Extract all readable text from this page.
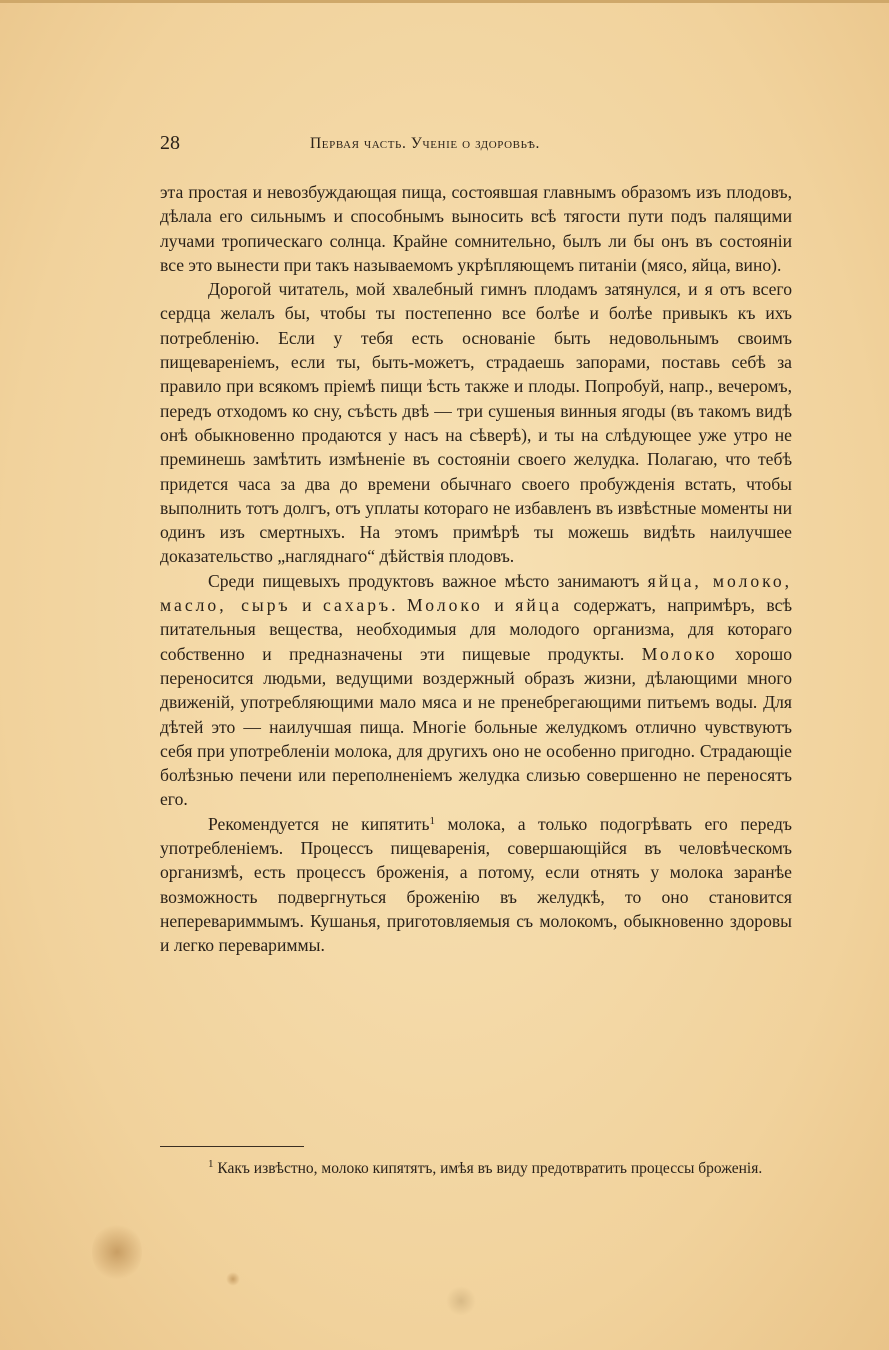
28	Первая часть. Ученіе о здоровьѣ.

эта простая и невозбуждающая пища, состоявшая главнымъ образомъ изъ плодовъ, дѣлала его сильнымъ и способнымъ выносить всѣ тягости пути подъ палящими лучами тропическаго солнца. Крайне сомнительно, былъ ли бы онъ въ состояніи все это вынести при такъ называемомъ укрѣпляющемъ питаніи (мясо, яйца, вино).

Дорогой читатель, мой хвалебный гимнъ плодамъ затянулся, и я отъ всего сердца желалъ бы, чтобы ты постепенно все болѣе и болѣе привыкъ къ ихъ потребленію. Если у тебя есть основаніе быть недовольнымъ своимъ пищевареніемъ, если ты, быть-можетъ, страдаешь запорами, поставь себѣ за правило при всякомъ пріемѣ пищи ѣсть также и плоды. Попробуй, напр., вечеромъ, передъ отходомъ ко сну, съѣсть двѣ — три сушеныя винныя ягоды (въ такомъ видѣ онѣ обыкновенно продаются у насъ на сѣверѣ), и ты на слѣдующее уже утро не преминешь замѣтить измѣненіе въ состояніи своего желудка. Полагаю, что тебѣ придется часа за два до времени обычнаго своего пробужденія встать, чтобы выполнить тотъ долгъ, отъ уплаты котораго не избавленъ въ извѣстные моменты ни одинъ изъ смертныхъ. На этомъ примѣрѣ ты можешь видѣть наилучшее доказательство „нагляднаго“ дѣйствія плодовъ.

Среди пищевыхъ продуктовъ важное мѣсто занимаютъ яйца, молоко, масло, сыръ и сахаръ. Молоко и яйца содержатъ, напримѣръ, всѣ питательныя вещества, необходимыя для молодого организма, для котораго собственно и предназначены эти пищевые продукты. Молоко хорошо переносится людьми, ведущими воздержный образъ жизни, дѣлающими много движеній, употребляющими мало мяса и не пренебрегающими питьемъ воды. Для дѣтей это — наилучшая пища. Многіе больные желудкомъ отлично чувствуютъ себя при употребленіи молока, для другихъ оно не особенно пригодно. Страдающіе болѣзнью печени или переполненіемъ желудка слизью совершенно не переносятъ его.

Рекомендуется не кипятить$^1$ молока, а только подогрѣвать его передъ употребленіемъ. Процессъ пищеваренія, совершающійся въ человѣческомъ организмѣ, есть процессъ броженія, а потому, если отнять у молока заранѣе возможность подвергнуться броженію въ желудкѣ, то оно становится неперевариммымъ. Кушанья, приготовляемыя съ молокомъ, обыкновенно здоровы и легко перевариммы.

$^1$ Какъ извѣстно, молоко кипятятъ, имѣя въ виду предотвратить процессы броженія.
